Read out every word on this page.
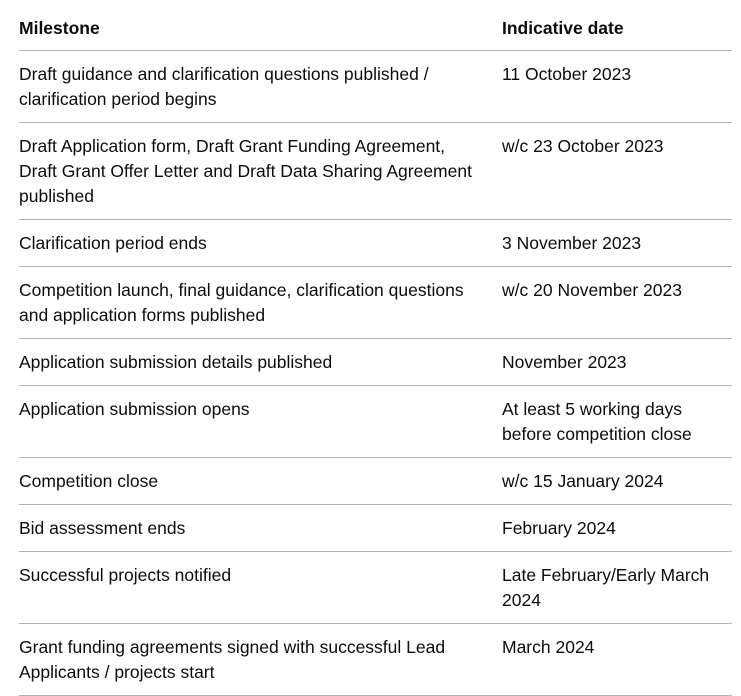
Milestone	Indicative date
Draft guidance and clarification questions published / clarification period begins	11 October 2023
Draft Application form, Draft Grant Funding Agreement, Draft Grant Offer Letter and Draft Data Sharing Agreement published	w/c 23 October 2023
Clarification period ends	3 November 2023
Competition launch, final guidance, clarification questions and application forms published	w/c 20 November 2023
Application submission details published	November 2023
Application submission opens	At least 5 working days before competition close
Competition close	w/c 15 January 2024
Bid assessment ends	February 2024
Successful projects notified	Late February/Early March 2024
Grant funding agreements signed with successful Lead Applicants / projects start	March 2024
